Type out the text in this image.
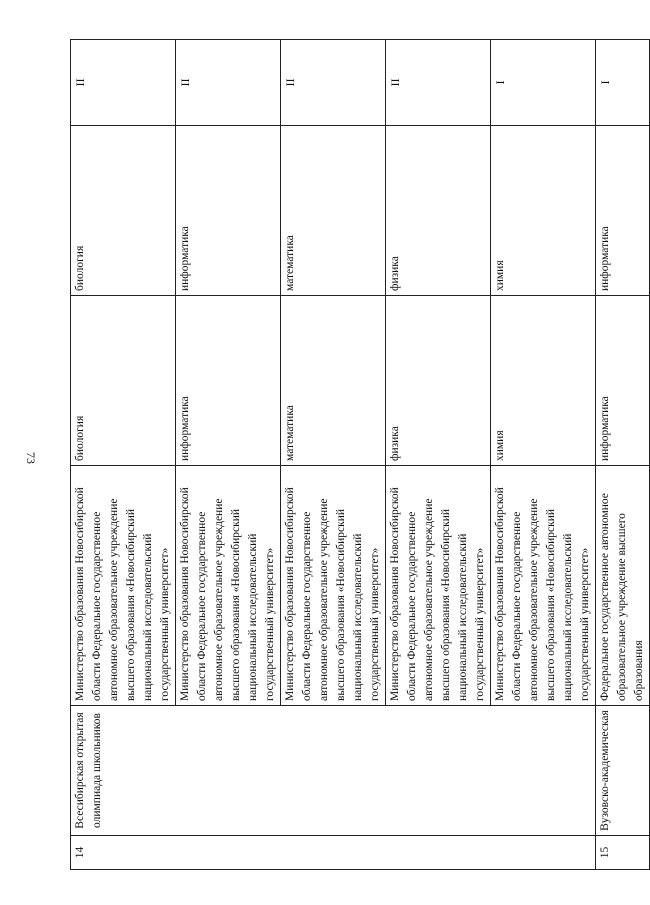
73
14	Всесибирская открытая олимпиада школьников	Министерство образования Новосибирской области Федеральное государственное автономное образовательное учреждение высшего образования «Новосибирский национальный исследовательский государственный университет»	биология	биология	II
		Министерство образования Новосибирской области Федеральное государственное автономное образовательное учреждение высшего образования «Новосибирский национальный исследовательский государственный университет»	информатика	информатика	II
		Министерство образования Новосибирской области Федеральное государственное автономное образовательное учреждение высшего образования «Новосибирский национальный исследовательский государственный университет»	математика	математика	II
		Министерство образования Новосибирской области Федеральное государственное автономное образовательное учреждение высшего образования «Новосибирский национальный исследовательский государственный университет»	физика	физика	II
		Министерство образования Новосибирской области Федеральное государственное автономное образовательное учреждение высшего образования «Новосибирский национальный исследовательский государственный университет»	химия	химия	I
15	Вузовско-академическая	Федеральное государственное автономное образовательное учреждение высшего образования	информатика	информатика	I
